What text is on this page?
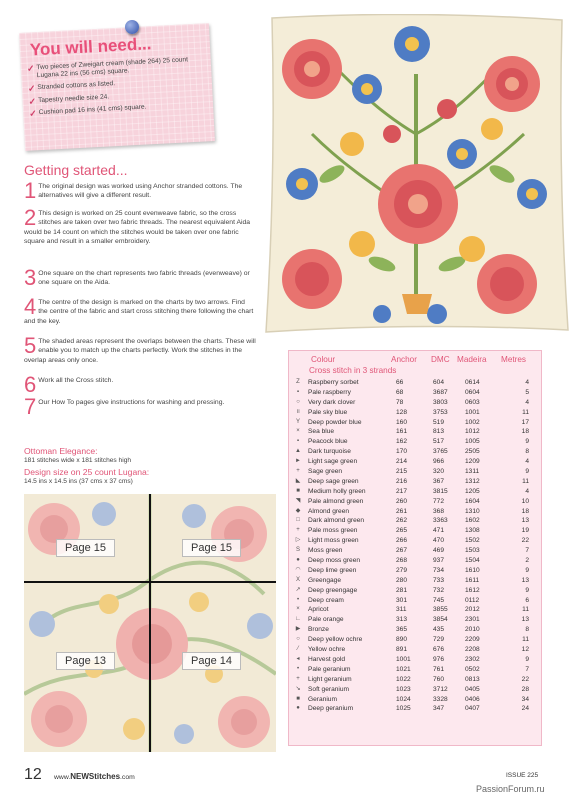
You will need...
✓ Two pieces of Zweigart cream (shade 264) 25 count Lugana 22 ins (56 cms) square.
✓ Stranded cottons as listed.
✓ Tapestry needle size 24.
✓ Cushion pad 16 ins (41 cms) square.
Getting started...
1 The original design was worked using Anchor stranded cottons. The alternatives will give a different result.
2 This design is worked on 25 count evenweave fabric, so the cross stitches are taken over two fabric threads. The nearest equivalent Aida would be 14 count on which the stitches would be taken over one fabric square and result in a smaller embroidery.
3 One square on the chart represents two fabric threads (evenweave) or one square on the Aida.
4 The centre of the design is marked on the charts by two arrows. Find the centre of the fabric and start cross stitching there following the chart and the key.
5 The shaded areas represent the overlaps between the charts. These will enable you to match up the charts perfectly. Work the stitches in the overlap areas only once.
6 Work all the Cross stitch.
7 Our How To pages give instructions for washing and pressing.
Ottoman Elegance:
181 stitches wide x 181 stitches high
Design size on 25 count Lugana:
14.5 ins x 14.5 ins (37 cms x 37 cms)
Page 15	Page 15
Page 13	Page 14
Colour	Anchor DMC Madeira Metres
Cross stitch in 3 strands
Z	Raspberry sorbet	66	604	0614	4
▪	Pale raspberry	68	3687	0604	5
○	Very dark clover	78	3803	0603	4
॥	Pale sky blue	128	3753	1001	11
Y	Deep powder blue	160	519	1002	17
×	Sea blue	161	813	1012	18
▪	Peacock blue	162	517	1005	9
▲	Dark turquoise	170	3765	2505	8
►	Light sage green	214	966	1209	4
+	Sage green	215	320	1311	9
◣	Deep sage green	216	367	1312	11
■	Medium holly green	217	3815	1205	4
◥	Pale almond green	260	772	1604	10
◆	Almond green	261	368	1310	18
□	Dark almond green	262	3363	1602	13
+	Pale moss green	265	471	1308	19
▷	Light moss green	266	470	1502	22
S	Moss green	267	469	1503	7
●	Deep moss green	268	937	1504	2
◠	Deep lime green	279	734	1610	9
X	Greengage	280	733	1611	13
↗	Deep greengage	281	732	1612	9
•	Deep cream	301	745	0112	6
×	Apricot	311	3855	2012	11
∟	Pale orange	313	3854	2301	13
▶	Bronze	365	435	2010	8
○	Deep yellow ochre	890	729	2209	11
⁄	Yellow ochre	891	676	2208	12
◂	Harvest gold	1001	976	2302	9
•	Pale geranium	1021	761	0502	7
+	Light geranium	1022	760	0813	22
↘	Soft geranium	1023	3712	0405	28
■	Geranium	1024	3328	0406	34
●	Deep geranium	1025	347	0407	24
12 www.NEWStitches.com	ISSUE 225
PassionForum.ru
